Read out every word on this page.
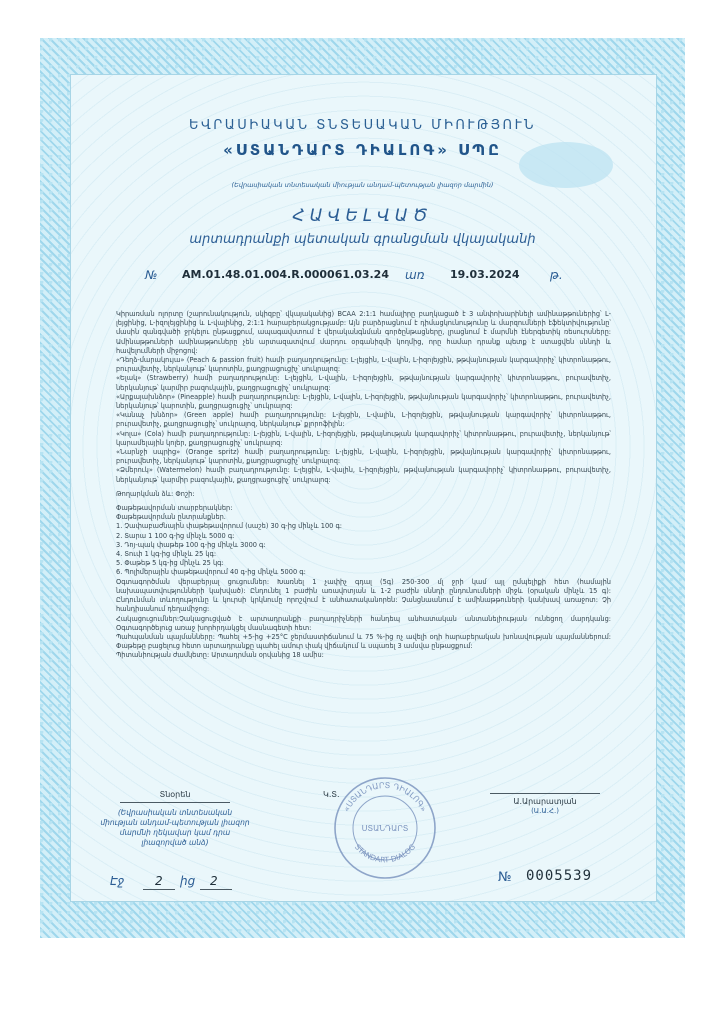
ԵՎՐԱՍԻԱԿԱՆ ՏՆՏԵՍԱԿԱՆ ՄԻՈՒԹՅՈՒՆ
«ՍՏԱՆԴԱՐՏ ԴԻԱԼՈԳ» ՍՊԸ
(Եվրասիական տնտեսական միության անդամ-պետության լիազոր մարմին)
ՀԱՎԵԼՎԱԾ
արտադրանքի պետական գրանցման վկայականի
№ AM.01.48.01.004.R.000061.03.24 առ 19.03.2024	թ.

Կիրառման ոլորտը (շարունակություն, սկիզբը՝ վկայականից) BCAA 2:1:1 համալիրը բաղկացած է 3 անփոխարինելի ամինաթթուներից՝ L-լեյցինից, L-իզոլեյցինից և L-վալինից, 2:1:1 հարաբերակցությամբ: Այն բարձրացնում է դիմացկունությունը և մարզումների էֆեկտիվությունը՝ մասին զանգվածի ջրկելու ընթացքում, ապագավստում է վերականգնման գործընթացները, լրացնում է մարմնի էներգետիկ ռեսուրսները: Ամինաթթուների ամինաթթուները չեն արտազատվում մարդու օրգանիզմի կողմից, որը համար դրանք պետք է ստացվեն սննդի և հավելումների միջոցով:

«Դեղձ-մարակույա» (Peach & passion fruit) համի բաղադրությունը: L-լեյցին, L-վալին, L-իզոլեյցին, թթվայնության կարգավորիչ՝ կիտրոնաթթու, բուրավետիչ, ներկանյութ՝ կարոտին, քաղցրացուցիչ՝ սուկրալոզ:

«Ելակ» (Strawberry) համի բաղադրությունը: L-լեյցին, L-վալին, L-իզոլեյցին, թթվայնության կարգավորիչ՝ կիտրոնաթթու, բուրավետիչ, ներկանյութ՝ կարմիր բազուկային, քաղցրացուցիչ՝ սուկրալոզ:

«Արքայախնձոր» (Pineapple) համի բաղադրությունը: L-լեյցին, L-վալին, L-իզոլեյցին, թթվայնության կարգավորիչ՝ կիտրոնաթթու, բուրավետիչ, ներկանյութ՝ կարոտին, քաղցրացուցիչ՝ սուկրալոզ:

«Կանաչ խնձոր» (Green apple) համի բաղադրությունը: L-լեյցին, L-վալին, L-իզոլեյցին, թթվայնության կարգավորիչ՝ կիտրոնաթթու, բուրավետիչ, քաղցրացուցիչ՝ սուկրալոզ, ներկանյութ՝ քլորոֆիլին:

«Կոլա» (Cola) համի բաղադրությունը: L-լեյցին, L-վալին, L-իզոլեյցին, թթվայնության կարգավորիչ՝ կիտրոնաթթու, բուրավետիչ, ներկանյութ՝ կարամելային կոլեր, քաղցրացուցիչ՝ սուկրալոզ:

«Նարնջի սպրից» (Orange spritz) համի բաղադրությունը: L-լեյցին, L-վալին, L-իզոլեյցին, թթվայնության կարգավորիչ՝ կիտրոնաթթու, բուրավետիչ, ներկանյութ՝ կարոտին, քաղցրացուցիչ՝ սուկրալոզ:

«Ձմերուկ» (Watermelon) համի բաղադրությունը: L-լեյցին, L-վալին, L-իզոլեյցին, թթվայնության կարգավորիչ՝ կիտրոնաթթու, բուրավետիչ, ներկանյութ՝ կարմիր բազուկային, քաղցրացուցիչ՝ սուկրալոզ:

Թողարկման ձև: Փոշի:

Փաթեթավորման տարբերակներ:

Փաթեթավորման ընտրանքներ.

1. Չափաբաժնային փաթեթավորում (սաշե) 30 գ-ից մինչև 100 գ:

2. Տարա 1 100 գ-ից մինչև 5000 գ:

3. Դոյ-պակ փաթեթ 100 գ-ից մինչև 3000 գ:

4. Տուփ 1 կգ-ից մինչև 25 կգ:

5. Փաթեթ 5 կգ-ից մինչև 25 կգ:

6. Պոլիմերային փաթեթավորում 40 գ-ից մինչև 5000 գ:

Օգտագործման վերաբերյալ ցուցումներ: Խառնել 1 չափիչ գդալ (5գ) 250-300 մլ ջրի կամ այլ ըմպելիքի հետ (համային նախապատվությունների կախված): Ընդունել 1 բաժին առավոտյան և 1-2 բաժին սննդի ընդունումների միջև (օրական մինչև 15 գ): Ընդունման տևողությունը և կուրսի կրկնումը որոշվում է անհատականորեն: Չանցնաանում է ամինաթթուների կանխավ առաջոտ: Չի հանդիսանում դեղամիջոց:

Հակացուցումներ:Չակացուցված է արտադրանքի բաղադրիչների հանդեպ անհատական անտանելիության ունեցող մարդկանց: Օգտագործելուց առաջ խորհրդակցել մասնագետի հետ:

Պահպանման պայմանները: Պահել +5-ից +25°C ջերմաստիճանում և 75 %-ից ոչ ավելի օդի հարաբերական խոնավության պայմաններում: Փաթեթը բացելուց հետո արտադրանքը պահել ամուր փակ վիճակում և սպառել 3 ամսվա ընթացքում:

Պիտանիության ժամկետը: Արտադրման օրվանից 18 ամիս:

Տնօրեն
(Եվրասիական տնտեսական միության անդամ-պետության լիազոր մարմնի ղեկավար կամ դրա լիազորված անձ)
Կ.Տ.
Ա.Արարատյան
(Ա.Ա.Հ.)
«ՍՏԱՆԴԱՐՏ ԴԻԱԼՈԳ»
STANDART DIALOG
ՍՏԱՆԴԱՐՏ
Էջ	2 ից 2	№ 0005539
